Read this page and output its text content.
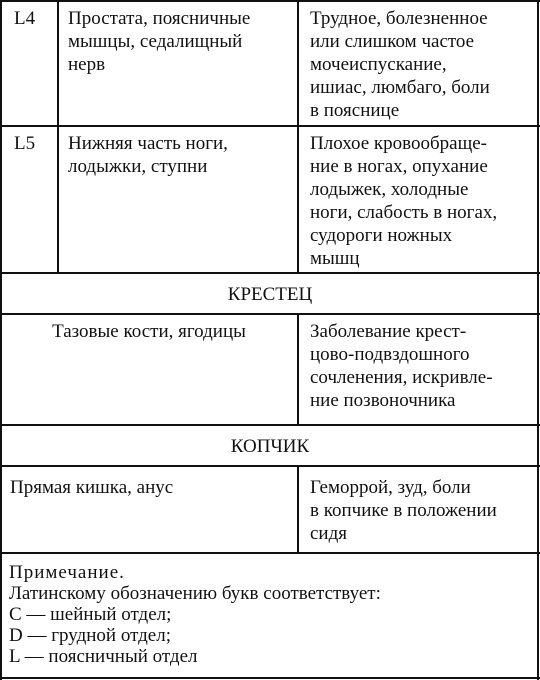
L4 Простата, поясничные
мышцы, седалищный
нерв

Трудное, болезненное
или слишком частое
мочеиспускание,
ишиас, люмбаго, боли
в пояснице

L5 Нижняя часть ноги,
лодыжки, ступни

Плохое кровообраще-
ние в ногах, опухание
лодыжек, холодные
ноги, слабость в ногах,
судороги ножных
мышц

КРЕСТЕЦ

Тазовые кости, ягодицы	Заболевание крест-
цово-подвздошного
сочленения, искривле-
ние позвоночника

КОПЧИК

Прямая кишка, анус	Геморрой, зуд, боли
в копчике в положении
сидя

Примечание.
Латинскому обозначению букв соответствует:
C — шейный отдел;
D — грудной отдел;
L — поясничный отдел
